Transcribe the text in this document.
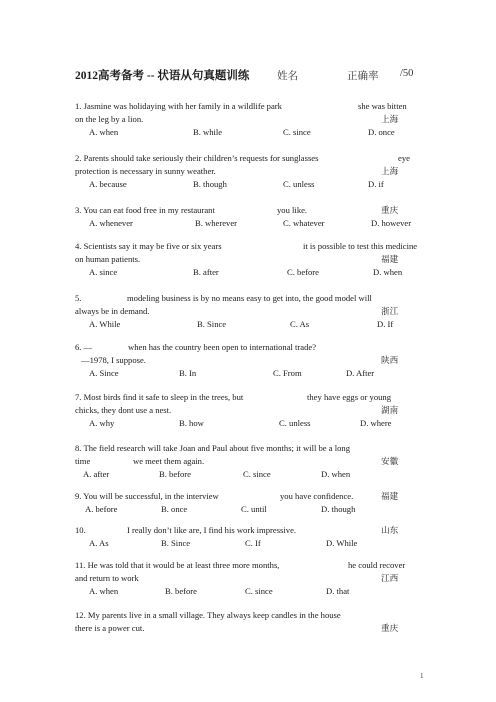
2012高考备考 -- 状语从句真题训练	姓名	正确率 /50
1. Jasmine was holidaying with her family in a wildlife park	she was bitten
on the leg by a lion.	上海
A. when	B. while	C. since	D. once
2. Parents should take seriously their children’s requests for sunglasses	eye
protection is necessary in sunny weather.	上海
A. because	B. though	C. unless	D. if
3. You can eat food free in my restaurant	you like.	重庆
A. whenever	B. wherever	C. whatever	D. however
4. Scientists say it may be five or six years	it is possible to test this medicine
on human patients.	福建
A. since	B. after	C. before	D. when
5.	modeling business is by no means easy to get into, the good model will
always be in demand.	浙江
A. While	B. Since	C. As	D. If
6. —	when has the country been open to international trade?
—1978, I suppose.	陕西
A. Since	B. In	C. From	D. After
7. Most birds find it safe to sleep in the trees, but	they have eggs or young
chicks, they dont use a nest.	湖南
A. why	B. how	C. unless	D. where
8. The field research will take Joan and Paul about five months; it will be a long
time	we meet them again.	安徽
A. after	B. before	C. since	D. when
9. You will be successful, in the interview	you have confidence.	福建
A. before	B. once	C. until	D. though
10.	I really don’t like are, I find his work impressive.	山东
A. As	B. Since	C. If	D. While
11. He was told that it would be at least three more months,	he could recover
and return to work	江西
A. when	B. before	C. since	D. that
12. My parents live in a small village. They always keep candles in the house
there is a power cut.	重庆
1
